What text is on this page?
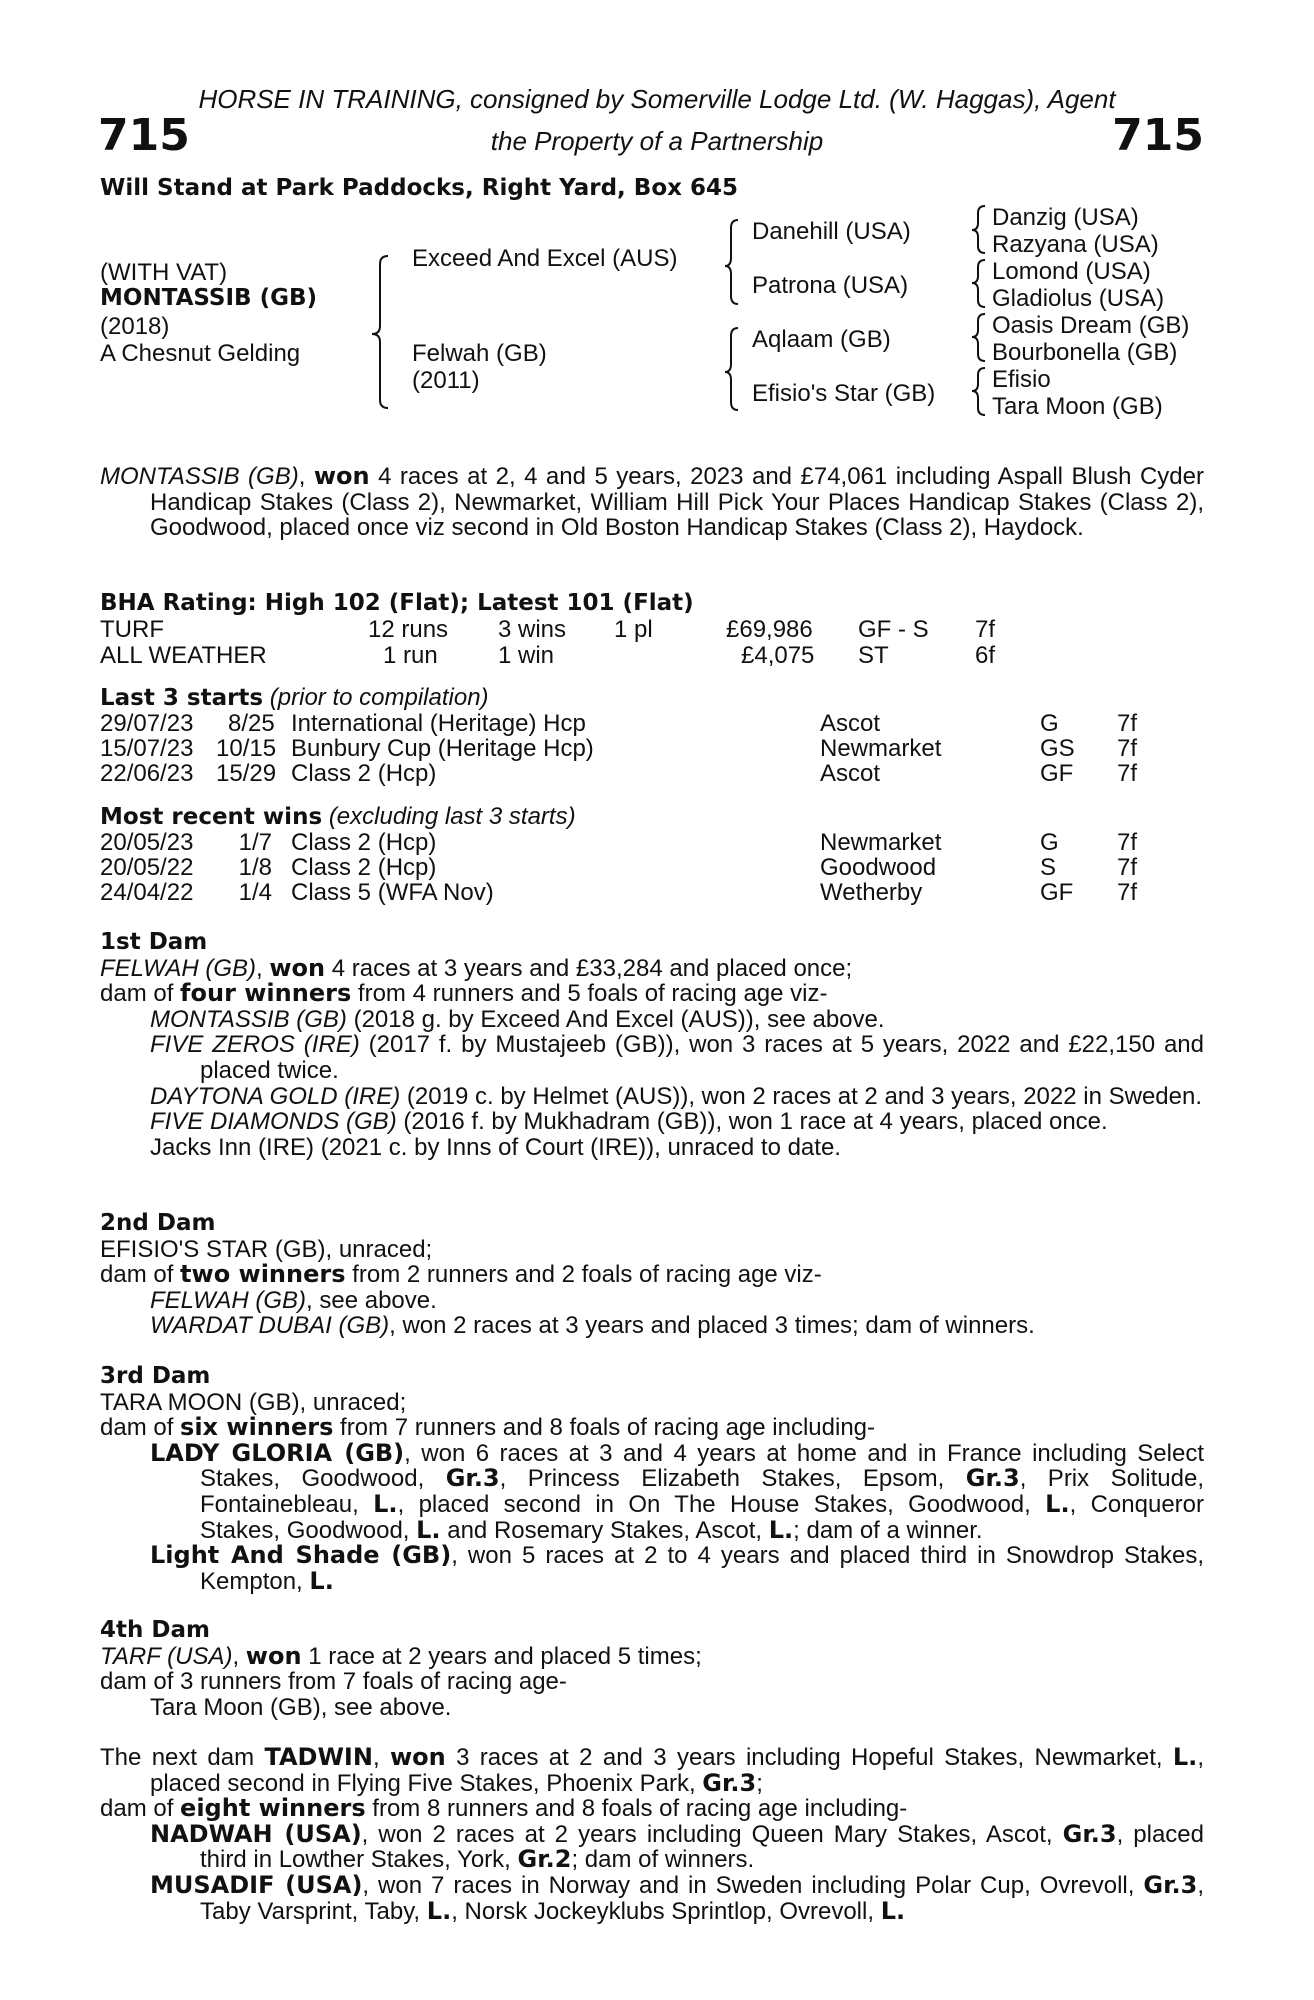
HORSE IN TRAINING, consigned by Somerville Lodge Ltd. (W. Haggas), Agent
715	the Property of a Partnership	715
Will Stand at Park Paddocks, Right Yard, Box 645
(WITH VAT)
MONTASSIB (GB)
(2018)
A Chesnut Gelding
Exceed And Excel (AUS)
Felwah (GB)
(2011)
Danehill (USA)
Patrona (USA)
Aqlaam (GB)
Efisio's Star (GB)
Danzig (USA)
Razyana (USA)
Lomond (USA)
Gladiolus (USA)
Oasis Dream (GB)
Bourbonella (GB)
Efisio
Tara Moon (GB)

MONTASSIB (GB), won 4 races at 2, 4 and 5 years, 2023 and £74,061 including Aspall Blush Cyder Handicap Stakes (Class 2), Newmarket, William Hill Pick Your Places Handicap Stakes (Class 2), Goodwood, placed once viz second in Old Boston Handicap Stakes (Class 2), Haydock.

BHA Rating: High 102 (Flat); Latest 101 (Flat)
TURF	12 runs 3 wins 1 pl	£69,986 GF - S 7f
ALL WEATHER	1 run	1 win	£4,075 ST	6f
Last 3 starts (prior to compilation)
29/07/23 8/25 International (Heritage) Hcp	Ascot	G 7f
15/07/23 10/15 Bunbury Cup (Heritage Hcp)	Newmarket	GS 7f
22/06/23 15/29 Class 2 (Hcp)	Ascot	GF 7f
Most recent wins (excluding last 3 starts)
20/05/23	1/7 Class 2 (Hcp)	Newmarket	G 7f
20/05/22	1/8 Class 2 (Hcp)	Goodwood	S	7f
24/04/22	1/4 Class 5 (WFA Nov)	Wetherby	GF 7f

1st Dam

FELWAH (GB), won 4 races at 3 years and £33,284 and placed once;

dam of four winners from 4 runners and 5 foals of racing age viz-

MONTASSIB (GB) (2018 g. by Exceed And Excel (AUS)), see above.

FIVE ZEROS (IRE) (2017 f. by Mustajeeb (GB)), won 3 races at 5 years, 2022 and £22,150 and placed twice.

DAYTONA GOLD (IRE) (2019 c. by Helmet (AUS)), won 2 races at 2 and 3 years, 2022 in Sweden.

FIVE DIAMONDS (GB) (2016 f. by Mukhadram (GB)), won 1 race at 4 years, placed once.

Jacks Inn (IRE) (2021 c. by Inns of Court (IRE)), unraced to date.

2nd Dam

EFISIO'S STAR (GB), unraced;

dam of two winners from 2 runners and 2 foals of racing age viz-

FELWAH (GB), see above.

WARDAT DUBAI (GB), won 2 races at 3 years and placed 3 times; dam of winners.

3rd Dam

TARA MOON (GB), unraced;

dam of six winners from 7 runners and 8 foals of racing age including-

LADY GLORIA (GB), won 6 races at 3 and 4 years at home and in France including Select Stakes, Goodwood, Gr.3, Princess Elizabeth Stakes, Epsom, Gr.3, Prix Solitude, Fontainebleau, L., placed second in On The House Stakes, Goodwood, L., Conqueror Stakes, Goodwood, L. and Rosemary Stakes, Ascot, L.; dam of a winner.

Light And Shade (GB), won 5 races at 2 to 4 years and placed third in Snowdrop Stakes, Kempton, L.

4th Dam

TARF (USA), won 1 race at 2 years and placed 5 times;

dam of 3 runners from 7 foals of racing age-

Tara Moon (GB), see above.

The next dam TADWIN, won 3 races at 2 and 3 years including Hopeful Stakes, Newmarket, L., placed second in Flying Five Stakes, Phoenix Park, Gr.3;

dam of eight winners from 8 runners and 8 foals of racing age including-

NADWAH (USA), won 2 races at 2 years including Queen Mary Stakes, Ascot, Gr.3, placed third in Lowther Stakes, York, Gr.2; dam of winners.

MUSADIF (USA), won 7 races in Norway and in Sweden including Polar Cup, Ovrevoll, Gr.3, Taby Varsprint, Taby, L., Norsk Jockeyklubs Sprintlop, Ovrevoll, L.
